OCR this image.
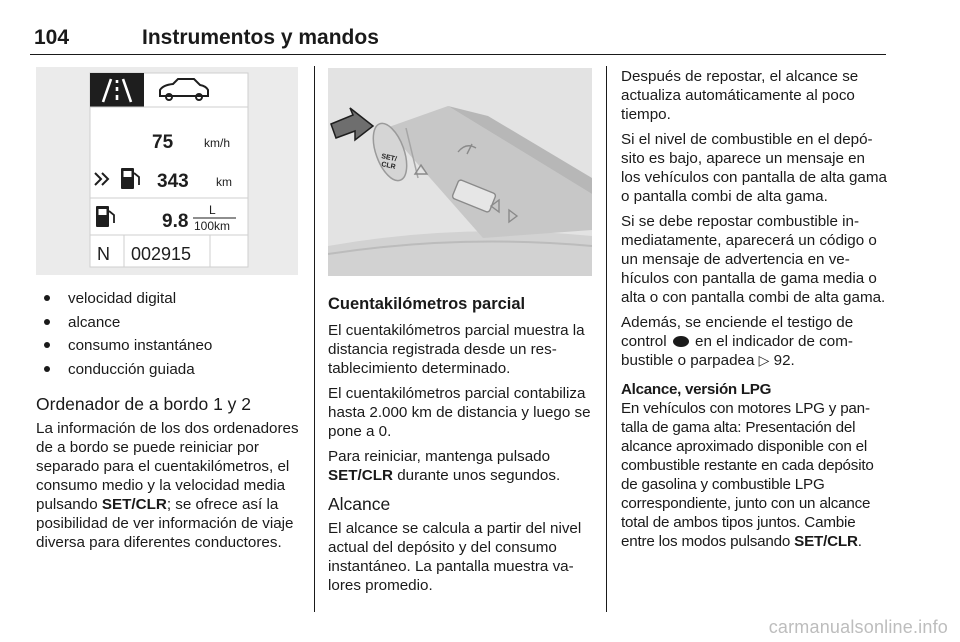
104	Instrumentos y mandos
75	km/h
343 km
9.8
L
100km
N 002915
SET/
CLR
velocidad digital
alcance
consumo instantáneo
conducción guiada
Ordenador de a bordo 1 y 2

La información de los dos ordenadores de a bordo se puede reiniciar por separado para el cuentakilómetros, el consumo medio y la velocidad media pulsando SET/CLR; se ofrece así la posibilidad de ver información de viaje diversa para diferentes conductores.

Cuentakilómetros parcial

El cuentakilómetros parcial muestra la distancia registrada desde un restablecimiento determinado.

El cuentakilómetros parcial contabiliza hasta 2.000 km de distancia y luego se pone a 0.

Para reiniciar, mantenga pulsado SET/CLR durante unos segundos.

Alcance

El alcance se calcula a partir del nivel actual del depósito y del consumo instantáneo. La pantalla muestra valores promedio.

Después de repostar, el alcance se actualiza automáticamente al poco tiempo.

Si el nivel de combustible en el depósito es bajo, aparece un mensaje en los vehículos con pantalla de alta gama o pantalla combi de alta gama.

Si se debe repostar combustible inmediatamente, aparecerá un código o un mensaje de advertencia en vehículos con pantalla de gama media o alta o con pantalla combi de alta gama.

Además, se enciende el testigo de control  en el indicador de combustible o parpadea ▷ 92.

Alcance, versión LPG

En vehículos con motores LPG y pantalla de gama alta: Presentación del alcance aproximado disponible con el combustible restante en cada depósito de gasolina y combustible LPG correspondiente, junto con un alcance total de ambos tipos juntos. Cambie entre los modos pulsando SET/CLR.

carmanualsonline.info
